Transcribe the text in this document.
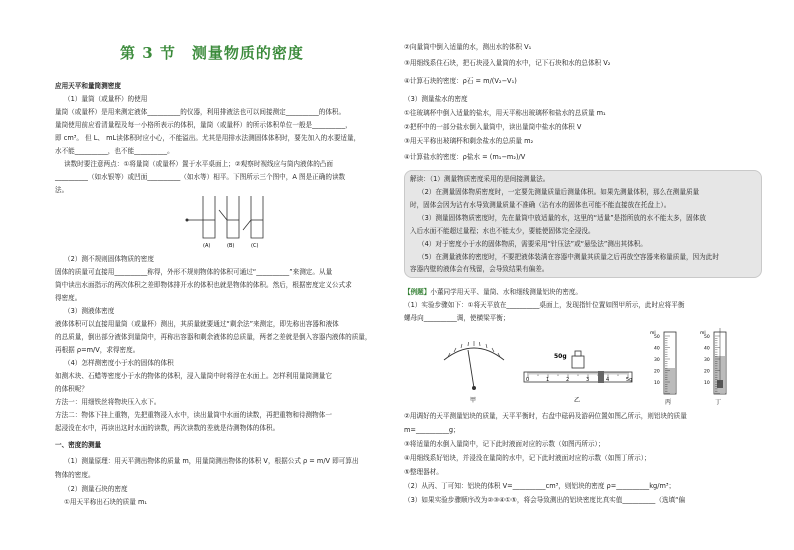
第 3 节　测量物质的密度
应用天平和量筒测密度
（1）量筒（或量杯）的使用
量筒（或量杯）是用来测定液体__________的仪器，利用排液法也可以间接测定__________的体积。
量筒使用前应看清量程及每一小格所表示的体积，量筒（或量杯）的所示体积单位一般是__________，
即 cm³。 但 L、 mL读体积时应小心，不能溢出。尤其是用排水法测固体体积时，要先加入的水要适量，
水不能__________，也不能__________。
读数时要注意两点：①将量筒（或量杯）置于水平桌面上；②观察时视线应与筒内液体的凸面
__________（如水银等）或凹面__________（如水等）相平。下图所示三个图中，A 图是正确的读数
法。
(A)	(B)	(C)
（2）测不规则固体物质的密度
固体的质量可直接用__________称得，外形不规则物体的体积可通过“__________”来测定。从量
筒中读出水面指示的两次体积之差即物体排开水的体积也就是物体的体积。然后，根据密度定义公式求
得密度。
（3）测液体密度
液体体积可以直接用量筒（或量杯）测出，其质量就要通过“剩余法”来测定，即先称出容器和液体
的总质量，倒出部分液体到量筒中，再称出容器和剩余液体的总质量，两者之差就是倒入容器内液体的质量，
再根据 ρ=m/V，求得密度。
（4）怎样测密度小于水的固体的体积
如测木块、石蜡等密度小于水的物体的体积，浸入量筒中时将浮在水面上。怎样利用量筒测量它
的体积呢？
方法一：用细铁丝将物块压入水下。
方法二：物体下挂上重物，先把重物浸入水中，读出量筒中水面的读数，再把重物和待测物体一
起浸没在水中，再读出这时水面的读数，两次读数的差就是待测物体的体积。
一、密度的测量
（1）测量原理：用天平测出物体的质量 m，用量筒测出物体的体积 V，根据公式 ρ = m/V 即可算出
物体的密度。
（2）测量石块的密度
①用天平称出石块的质量 m₁
②向量筒中倒入适量的水，测出水的体积 V₁
③用细线系住石块，把石块浸入量筒的水中，记下石块和水的总体积 V₂
④计算石块的密度：ρ石 = m/(V₂−V₁)
（3）测量盐水的密度
①往玻璃杯中倒入适量的盐水，用天平称出玻璃杯和盐水的总质量 m₁
②把杯中的一部分盐水倒入量筒中，读出量筒中盐水的体积 V
③用天平称出玻璃杯和剩余盐水的总质量 m₂
④计算盐水的密度：ρ盐水 = (m₁−m₂)/V
解读：（1）测量物质密度采用的是间接测量法。
（2）在测量固体物质密度时，一定要先测量质量后测量体积。如果先测量体积，那么在测量质量
时，固体会因为沾有水导致测量质量不准确（沾有水的固体也可能不能直接放在托盘上）。
（3）测量固体物质密度时，先在量筒中放适量的水，这里的“适量”是指所放的水不能太多，固体放
入后水面不能超过量程；水也不能太少，要能使固体完全浸没。
（4）对于密度小于水的固体物质，需要采用“针压法”或“悬坠法”测出其体积。
（5）在测量液体的密度时，不要把液体装满在容器中测量其质量之后再放空容器来称量质量，因为此时
容器内壁的液体会有残留，会导致结果有偏差。
【例题】小董同学用天平、量筒、水和细线测量铝块的密度。
（1）实验步骤如下：①将天平放在__________桌面上，发现指针位置如图甲所示，此时应将平衡
螺母向__________调，使横梁平衡；
甲
50g
0	1	2	3	4	5g
乙
50
40
30
20
10
ml
丙
50
40
30
20
10
ml
丁
②用调好的天平测量铝块的质量，天平平衡时，右盘中砝码及游码位置如图乙所示，则铝块的质量
m=__________g；
③将适量的水倒入量筒中，记下此时液面对应的示数（如图丙所示）；
④用细线系好铝块，并浸没在量筒的水中，记下此时液面对应的示数（如图丁所示）；
⑤整理器材。
（2）从丙、丁可知：铝块的体积 V=__________cm³，则铝块的密度 ρ=__________kg/m³；
（3）如果实验步骤顺序改为②③④①⑤，将会导致测出的铝块密度比真实值__________（选填“偏
